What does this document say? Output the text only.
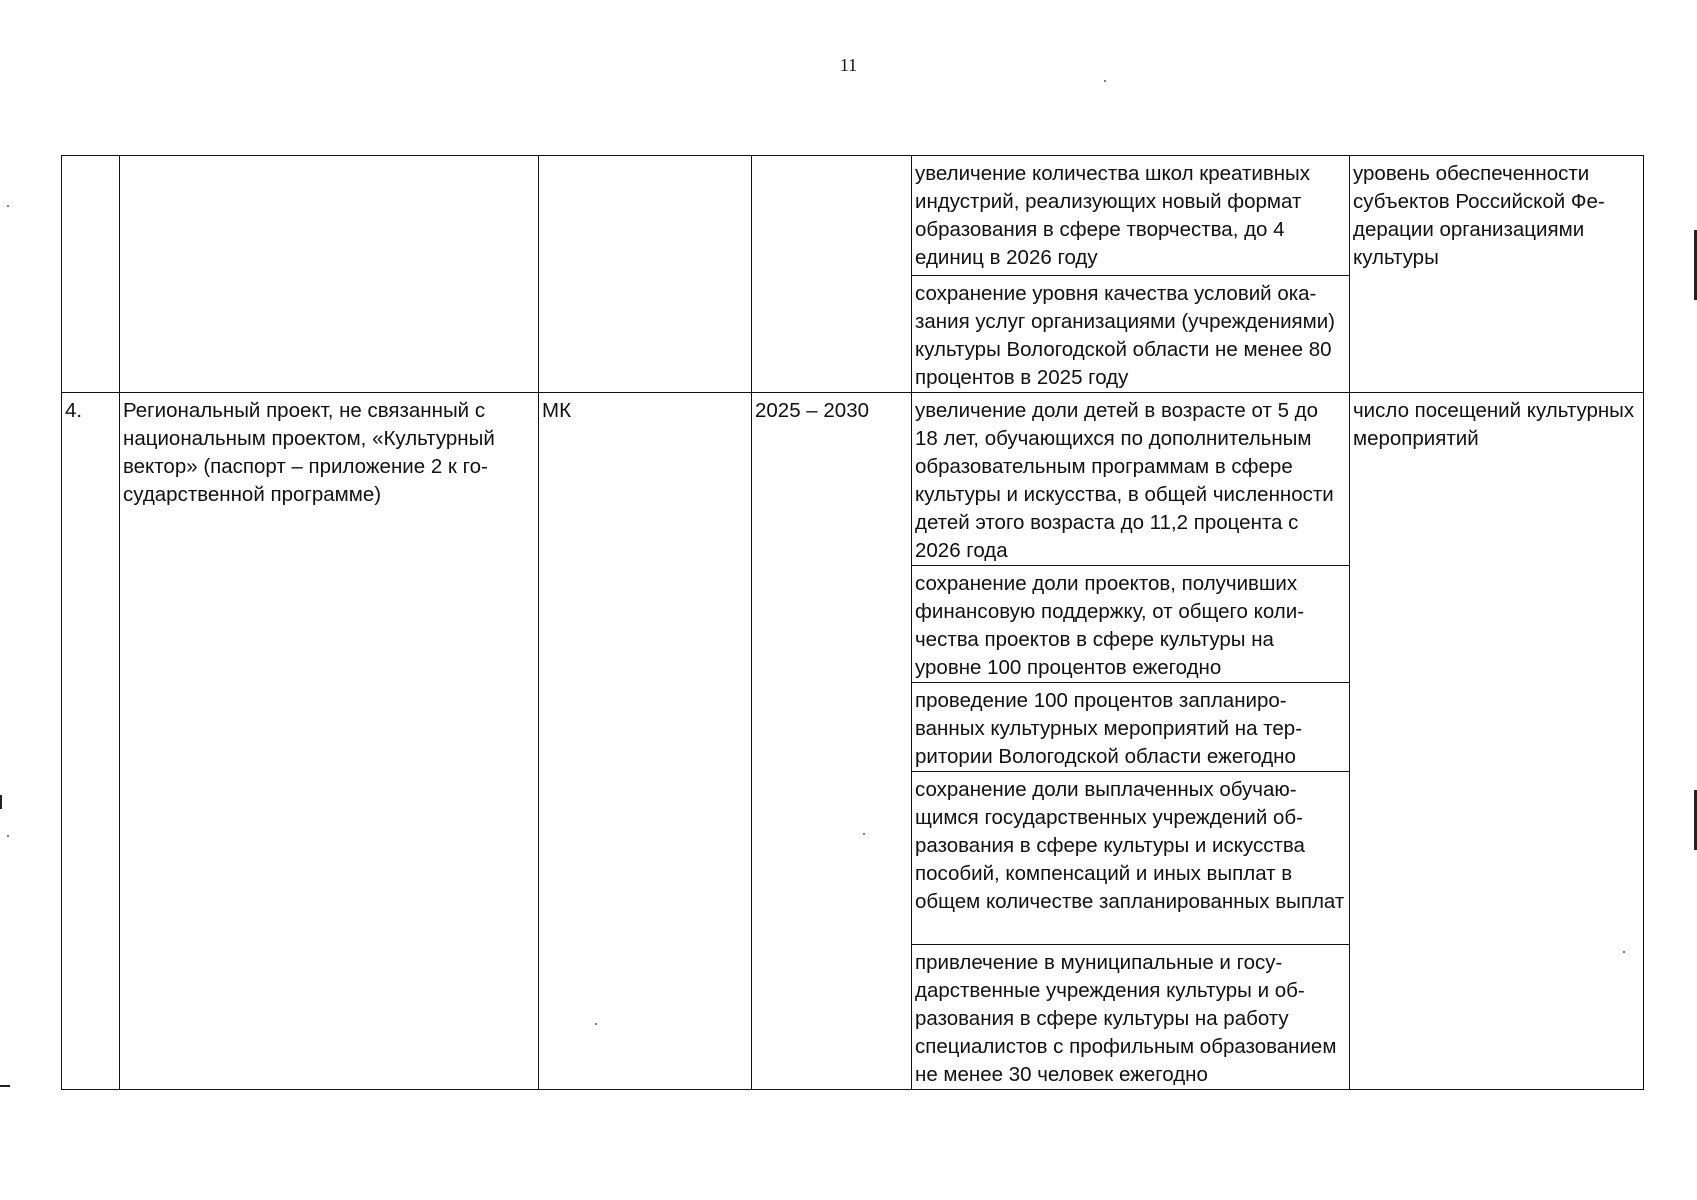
11
				увеличение количества школ креативных индустрий, реализующих новый формат образования в сфере творчества, до 4 единиц в 2026 году	уровень обеспеченности субъектов Российской Федерации организациями культуры
				сохранение уровня качества условий оказания услуг организациями (учреждениями) культуры Вологодской области не менее 80 процентов в 2025 году	
4.	Региональный проект, не связанный с национальным проектом, «Культурный вектор» (паспорт – приложение 2 к государственной программе)	МК	2025 – 2030	увеличение доли детей в возрасте от 5 до 18 лет, обучающихся по дополнительным образовательным программам в сфере культуры и искусства, в общей численности детей этого возраста до 11,2 процента с 2026 года	число посещений культурных мероприятий
				сохранение доли проектов, получивших финансовую поддержку, от общего количества проектов в сфере культуры на уровне 100 процентов ежегодно	
				проведение 100 процентов запланированных культурных мероприятий на территории Вологодской области ежегодно	
				сохранение доли выплаченных обучающимся государственных учреждений образования в сфере культуры и искусства пособий, компенсаций и иных выплат в общем количестве запланированных выплат	
				привлечение в муниципальные и государственные учреждения культуры и образования в сфере культуры на работу специалистов с профильным образованием не менее 30 человек ежегодно	
